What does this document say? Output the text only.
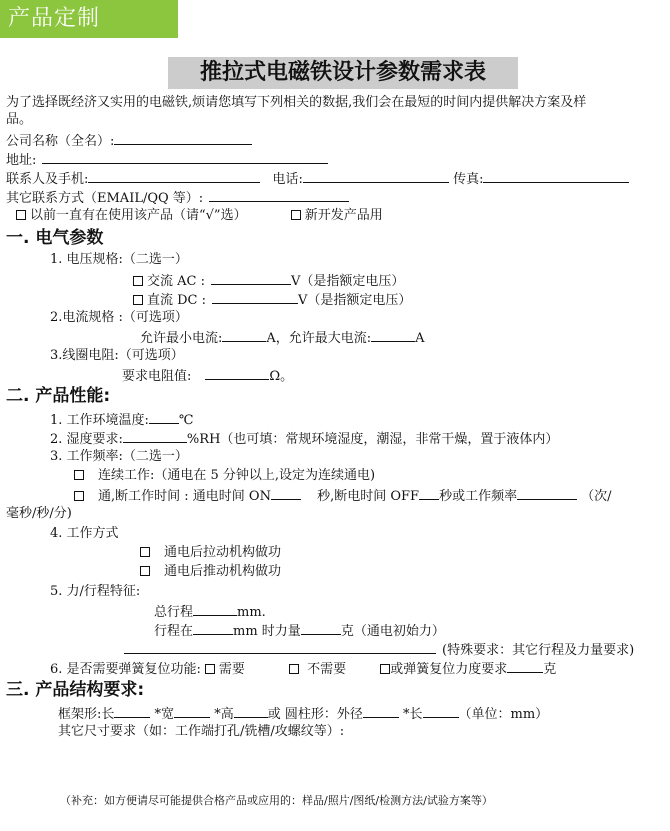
产品定制
推拉式电磁铁设计参数需求表
为了选择既经济又实用的电磁铁,烦请您填写下列相关的数据,我们会在最短的时间内提供解决方案及样
品。
公司名称（全名）:
地址:
联系人及手机:	电话:	传真:
其它联系方式（EMAIL/QQ 等）:
以前一直有在使用该产品（请“√”选）	新开发产品用
一. 电气参数
1. 电压规格:（二选一）
交流 AC :	V（是指额定电压）
直流 DC :	V（是指额定电压）
2.电流规格 :（可选项）
允许最小电流:	A，允许最大电流:	A
3.线圈电阻:（可选项）
要求电阻值:	Ω。
二. 产品性能:
1. 工作环境温度: ℃
2. 湿度要求:	%RH（也可填：常规环境湿度，潮湿，非常干燥，置于液体内）
3. 工作频率:（二选一）
连续工作:（通电在 5 分钟以上,设定为连续通电)
通,断工作时间 : 通电时间 ON	秒,断电时间 OFF 秒或工作频率	（次/
毫秒/秒/分)
4. 工作方式
通电后拉动机构做功
通电后推动机构做功
5. 力/行程特征:
总行程	mm.
行程在	mm 时力量	克（通电初始力）
(特殊要求：其它行程及力量要求)
6. 是否需要弹簧复位功能: 需要	不需要	或弹簧复位力度要求	克
三. 产品结构要求:
框架形:长	*宽	*高	或 圆柱形：外径	*长	（单位：mm）
其它尺寸要求（如：工作端打孔/铣槽/攻螺纹等）:
（补充：如方便请尽可能提供合格产品或应用的：样品/照片/图纸/检测方法/试验方案等）
